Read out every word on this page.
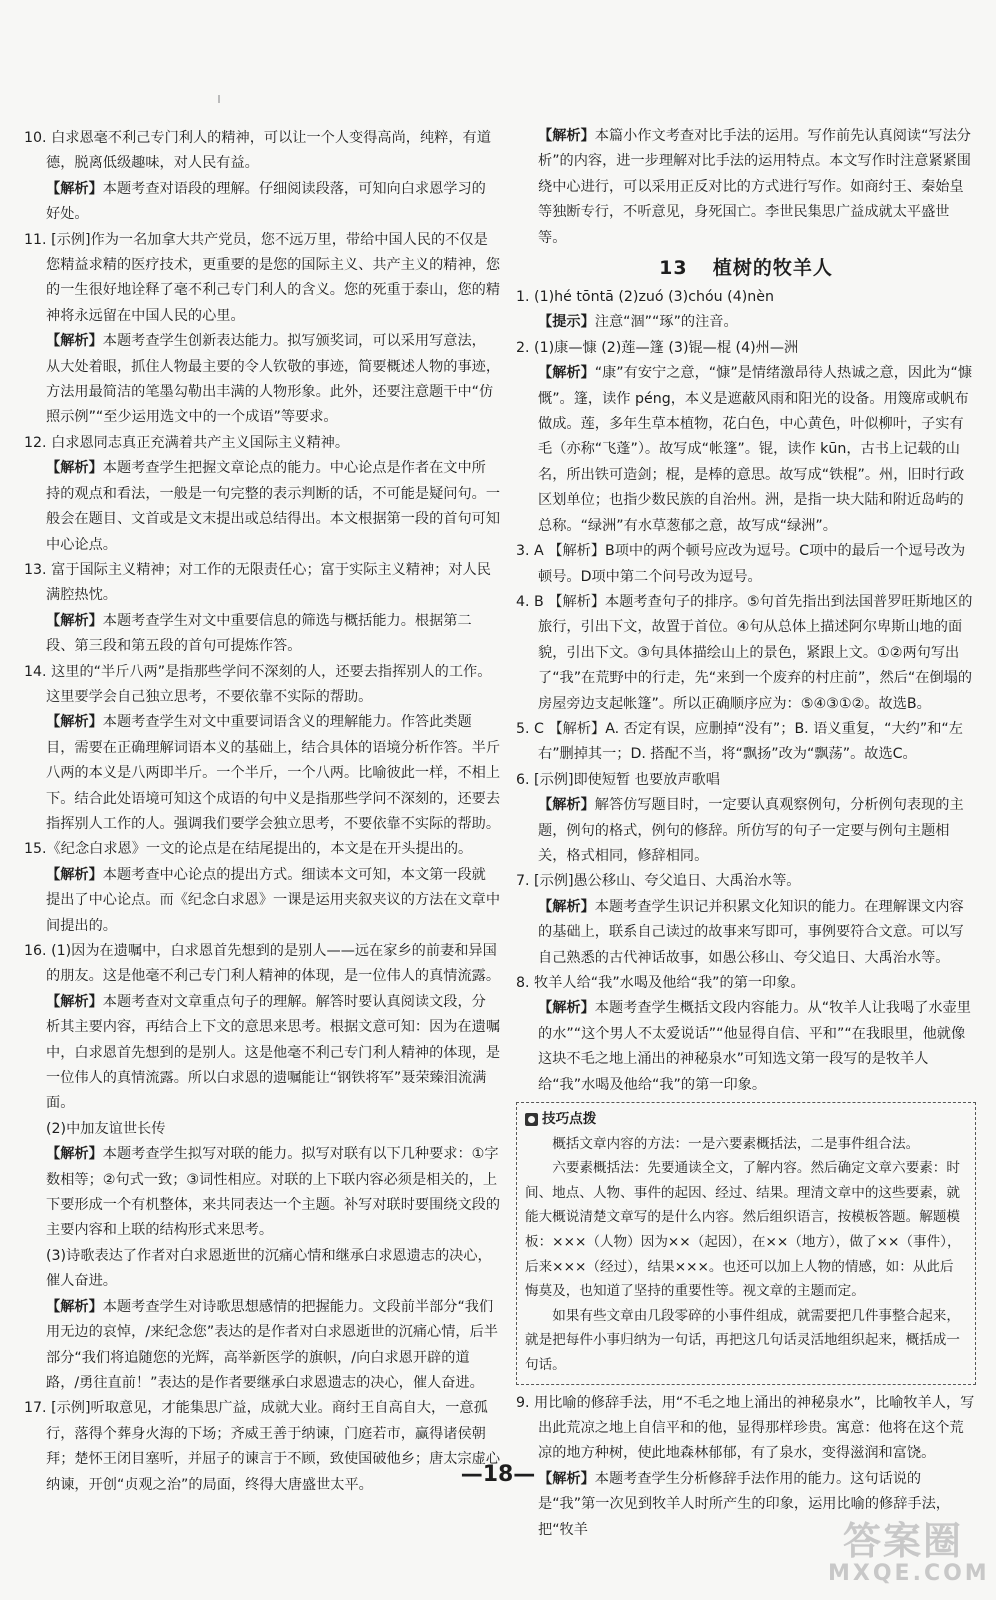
10. 白求恩毫不利己专门利人的精神，可以让一个人变得高尚，纯粹，有道德，脱离低级趣味，对人民有益。
【解析】本题考查对语段的理解。仔细阅读段落，可知向白求恩学习的好处。
11. [示例]作为一名加拿大共产党员，您不远万里，带给中国人民的不仅是您精益求精的医疗技术，更重要的是您的国际主义、共产主义的精神，您的一生很好地诠释了毫不利己专门利人的含义。您的死重于泰山，您的精神将永远留在中国人民的心里。
【解析】本题考查学生创新表达能力。拟写颁奖词，可以采用写意法，从大处着眼，抓住人物最主要的令人钦敬的事迹，简要概述人物的事迹，方法用最简洁的笔墨勾勒出丰满的人物形象。此外，还要注意题干中“仿照示例”“至少运用选文中的一个成语”等要求。
12. 白求恩同志真正充满着共产主义国际主义精神。
【解析】本题考查学生把握文章论点的能力。中心论点是作者在文中所持的观点和看法，一般是一句完整的表示判断的话，不可能是疑问句。一般会在题目、文首或是文末提出或总结得出。本文根据第一段的首句可知中心论点。
13. 富于国际主义精神；对工作的无限责任心；富于实际主义精神；对人民满腔热忱。
【解析】本题考查学生对文中重要信息的筛选与概括能力。根据第二段、第三段和第五段的首句可提炼作答。
14. 这里的“半斤八两”是指那些学问不深刻的人，还要去指挥别人的工作。这里要学会自己独立思考，不要依靠不实际的帮助。
【解析】本题考查学生对文中重要词语含义的理解能力。作答此类题目，需要在正确理解词语本义的基础上，结合具体的语境分析作答。半斤八两的本义是八两即半斤。一个半斤，一个八两。比喻彼此一样，不相上下。结合此处语境可知这个成语的句中义是指那些学问不深刻的，还要去指挥别人工作的人。强调我们要学会独立思考，不要依靠不实际的帮助。
15.《纪念白求恩》一文的论点是在结尾提出的，本文是在开头提出的。
【解析】本题考查中心论点的提出方式。细读本文可知，本文第一段就提出了中心论点。而《纪念白求恩》一课是运用夹叙夹议的方法在文章中间提出的。
16. (1)因为在遗嘱中，白求恩首先想到的是别人——远在家乡的前妻和异国的朋友。这是他毫不利己专门利人精神的体现，是一位伟人的真情流露。
【解析】本题考查对文章重点句子的理解。解答时要认真阅读文段，分析其主要内容，再结合上下文的意思来思考。根据文意可知：因为在遗嘱中，白求恩首先想到的是别人。这是他毫不利己专门利人精神的体现，是一位伟人的真情流露。所以白求恩的遗嘱能让“钢铁将军”聂荣臻泪流满面。
(2)中加友谊世长传
【解析】本题考查学生拟写对联的能力。拟写对联有以下几种要求：①字数相等；②句式一致；③词性相应。对联的上下联内容必须是相关的，上下要形成一个有机整体，来共同表达一个主题。补写对联时要围绕文段的主要内容和上联的结构形式来思考。
(3)诗歌表达了作者对白求恩逝世的沉痛心情和继承白求恩遗志的决心，催人奋进。
【解析】本题考查学生对诗歌思想感情的把握能力。文段前半部分“我们用无边的哀悼，/来纪念您”表达的是作者对白求恩逝世的沉痛心情，后半部分“我们将追随您的光辉，高举新医学的旗帜，/向白求恩开辟的道路，/勇往直前！”表达的是作者要继承白求恩遗志的决心，催人奋进。
17. [示例]听取意见，才能集思广益，成就大业。商纣王自高自大，一意孤行，落得个葬身火海的下场；齐威王善于纳谏，门庭若市，赢得诸侯朝拜；楚怀王闭目塞听，并屈子的谏言于不顾，致使国破他乡；唐太宗虚心纳谏，开创“贞观之治”的局面，终得大唐盛世太平。
【解析】本篇小作文考查对比手法的运用。写作前先认真阅读“写法分析”的内容，进一步理解对比手法的运用特点。本文写作时注意紧紧围绕中心进行，可以采用正反对比的方式进行写作。如商纣王、秦始皇等独断专行，不听意见，身死国亡。李世民集思广益成就太平盛世等。
13 植树的牧羊人
1. (1)hé tōntā (2)zuó (3)chóu (4)nèn
【提示】注意“涸”“琢”的注音。
2. (1)康—慷 (2)莲—篷 (3)锟—棍 (4)州—洲
【解析】“康”有安宁之意，“慷”是情绪激昂待人热诚之意，因此为“慷慨”。篷，读作 péng，本义是遮蔽风雨和阳光的设备。用篾席或帆布做成。莲，多年生草本植物，花白色，中心黄色，叶似柳叶，子实有毛（亦称“飞蓬”）。故写成“帐篷”。锟，读作 kūn，古书上记载的山名，所出铁可造剑；棍，是棒的意思。故写成“铁棍”。州，旧时行政区划单位；也指少数民族的自治州。洲，是指一块大陆和附近岛屿的总称。“绿洲”有水草葱郁之意，故写成“绿洲”。
3. A 【解析】B项中的两个顿号应改为逗号。C项中的最后一个逗号改为顿号。D项中第二个问号改为逗号。
4. B 【解析】本题考查句子的排序。⑤句首先指出到法国普罗旺斯地区的旅行，引出下文，故置于首位。④句从总体上描述阿尔卑斯山地的面貌，引出下文。③句具体描绘山上的景色，紧跟上文。①②两句写出了“我”在荒野中的行走，先“来到一个废弃的村庄前”，然后“在倒塌的房屋旁边支起帐篷”。所以正确顺序应为：⑤④③①②。故选B。
5. C 【解析】A. 否定有误，应删掉“没有”；B. 语义重复，“大约”和“左右”删掉其一；D. 搭配不当，将“飘扬”改为“飘荡”。故选C。
6. [示例]即使短暂 也要放声歌唱
【解析】解答仿写题目时，一定要认真观察例句，分析例句表现的主题，例句的格式，例句的修辞。所仿写的句子一定要与例句主题相关，格式相同，修辞相同。
7. [示例]愚公移山、夸父追日、大禹治水等。
【解析】本题考查学生识记并积累文化知识的能力。在理解课文内容的基础上，联系自己读过的故事来写即可，事例要符合文意。可以写自己熟悉的古代神话故事，如愚公移山、夸父追日、大禹治水等。
8. 牧羊人给“我”水喝及他给“我”的第一印象。
【解析】本题考查学生概括文段内容能力。从“牧羊人让我喝了水壶里的水”“这个男人不太爱说话”“他显得自信、平和”“在我眼里，他就像这块不毛之地上涌出的神秘泉水”可知选文第一段写的是牧羊人给“我”水喝及他给“我”的第一印象。
技巧点拨
概括文章内容的方法：一是六要素概括法，二是事件组合法。
六要素概括法：先要通读全文，了解内容。然后确定文章六要素：时间、地点、人物、事件的起因、经过、结果。理清文章中的这些要素，就能大概说清楚文章写的是什么内容。然后组织语言，按模板答题。解题模板：×××（人物）因为××（起因），在××（地方），做了××（事件），后来×××（经过），结果×××。也还可以加上人物的情感，如：从此后悔莫及，也知道了坚持的重要性等。视文章的主题而定。
如果有些文章由几段零碎的小事件组成，就需要把几件事整合起来，就是把每件小事归纳为一句话，再把这几句话灵活地组织起来，概括成一句话。
9. 用比喻的修辞手法，用“不毛之地上涌出的神秘泉水”，比喻牧羊人，写出此荒凉之地上自信平和的他，显得那样珍贵。寓意：他将在这个荒凉的地方种树，使此地森林郁郁，有了泉水，变得滋润和富饶。
【解析】本题考查学生分析修辞手法作用的能力。这句话说的是“我”第一次见到牧羊人时所产生的印象，运用比喻的修辞手法，把“牧羊
—18—
答案圈
MXQE.COM
